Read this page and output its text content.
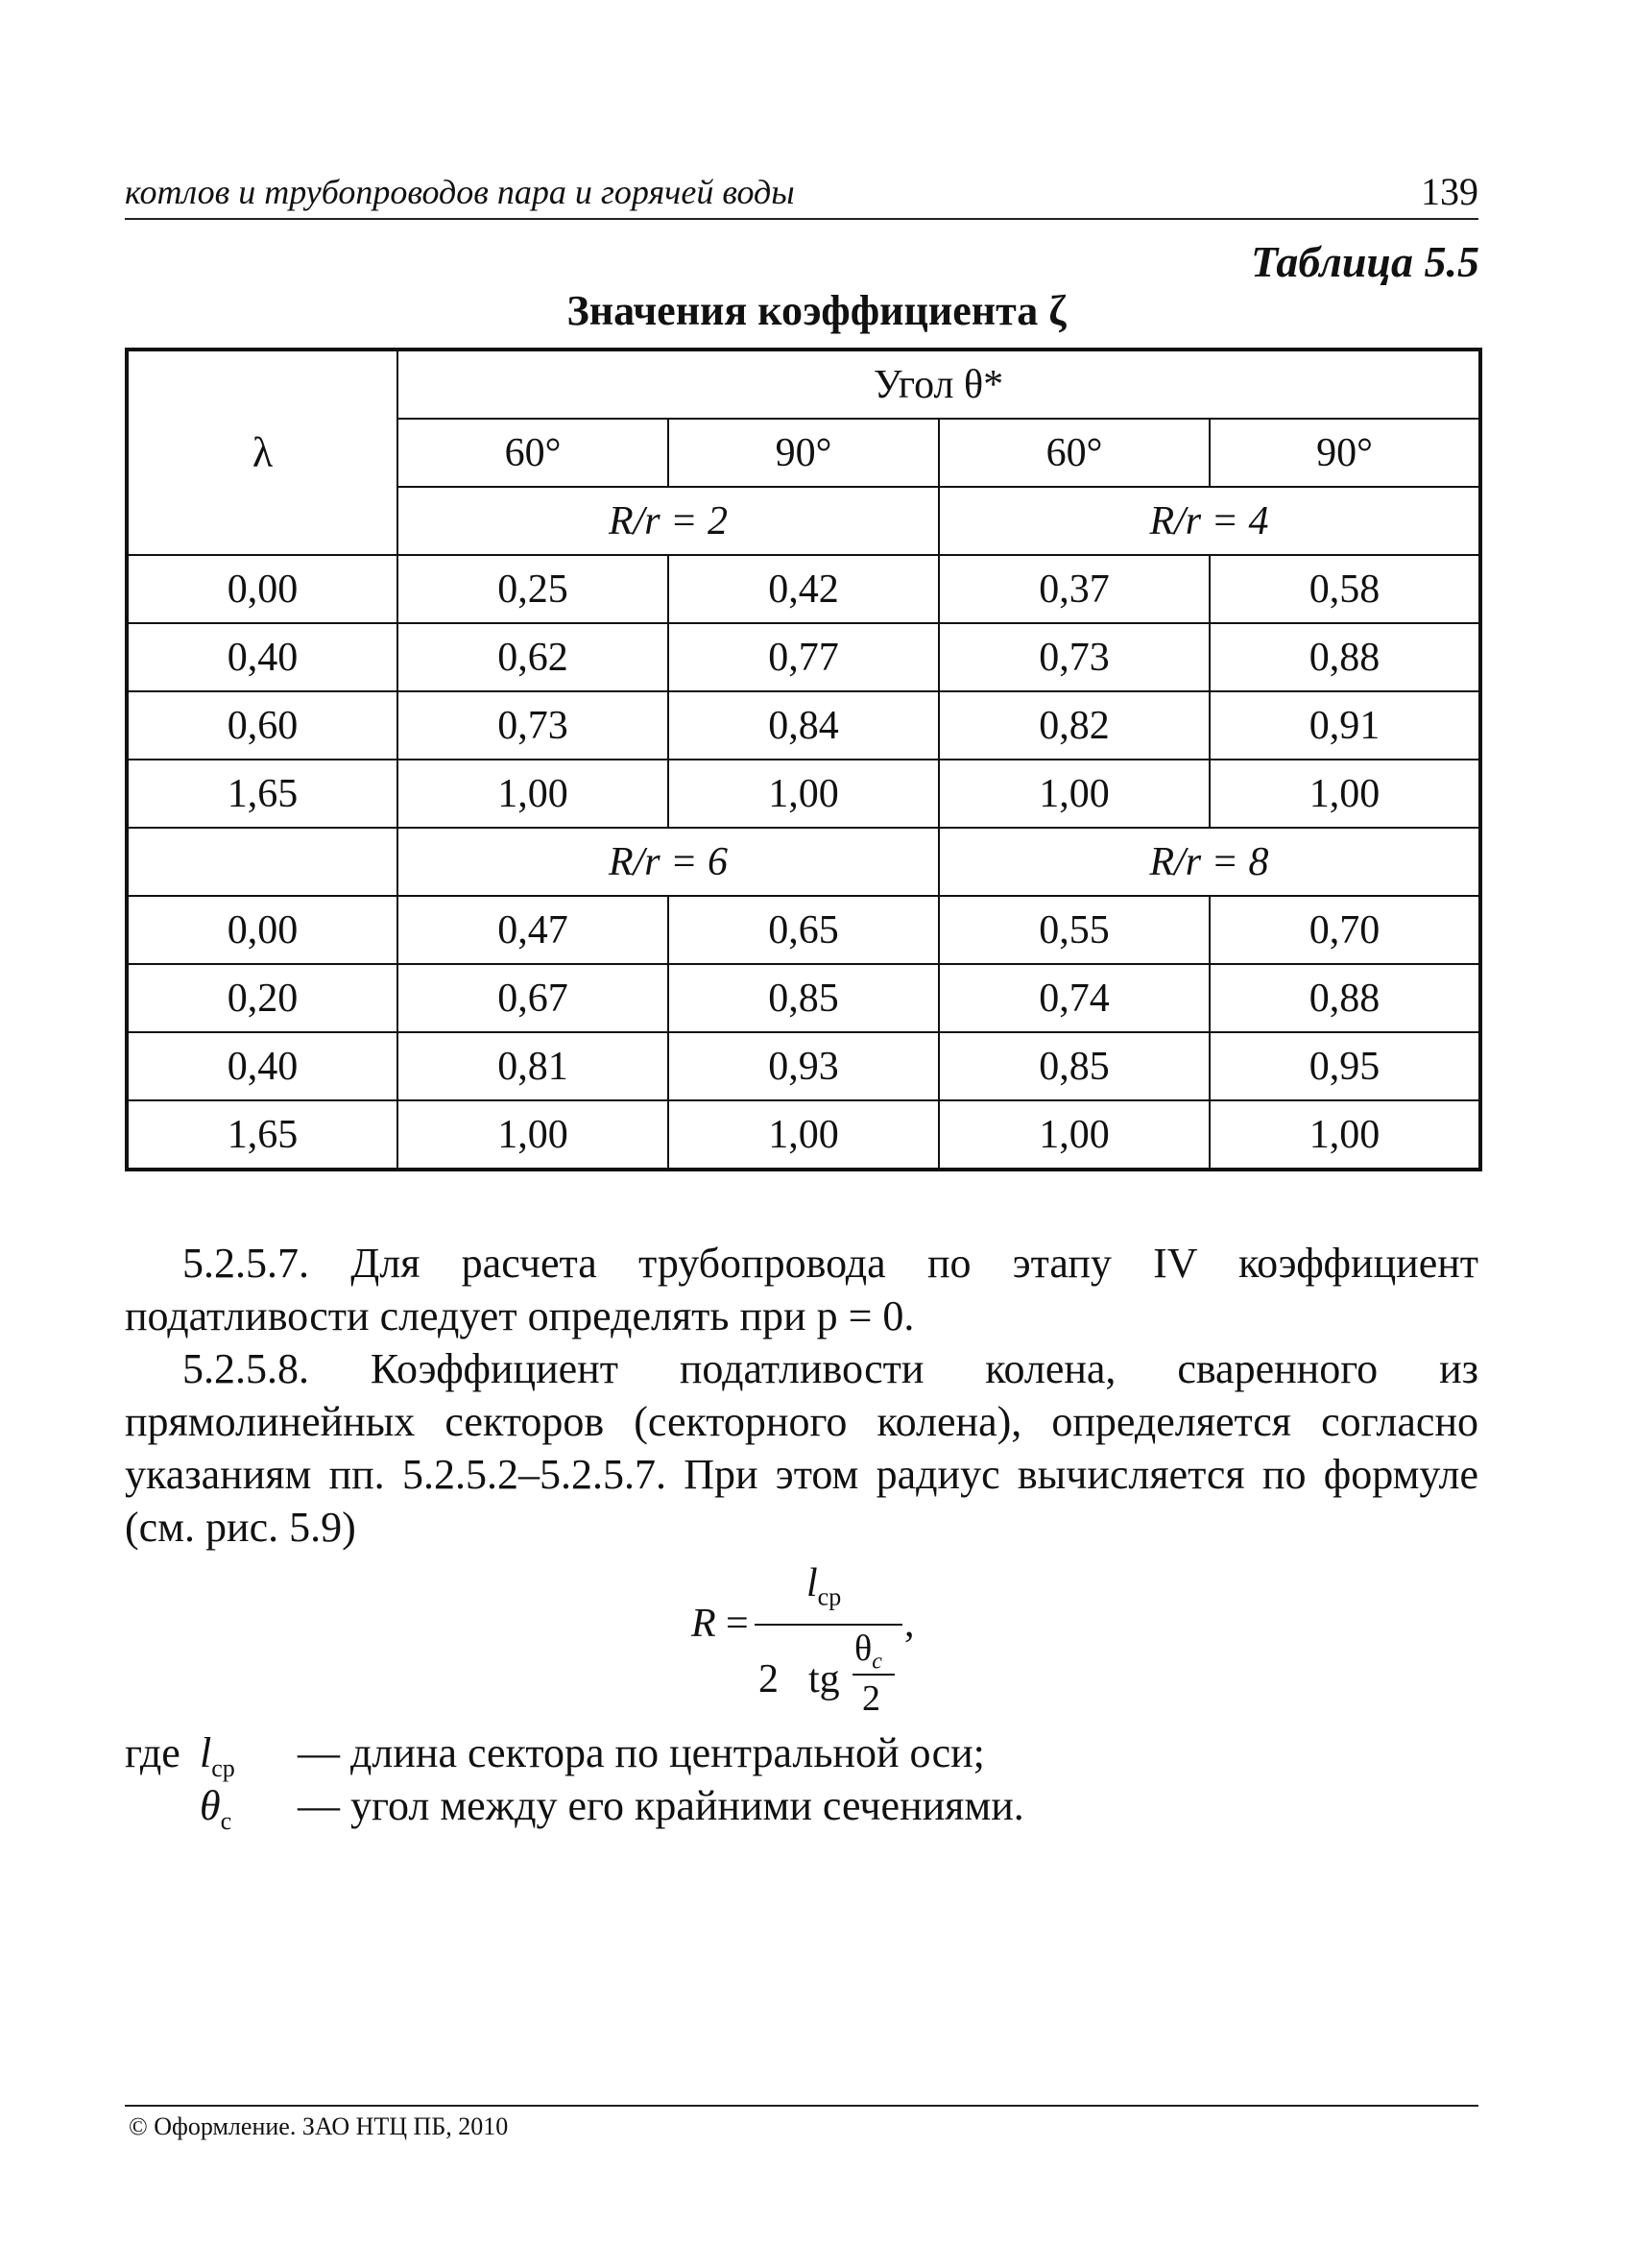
котлов и трубопроводов пара и горячей воды	139
Таблица 5.5
Значения коэффициента ζ
λ	Угол θ*			
	60°	90°	60°	90°
	R/r = 2		R/r = 4	
0,00	0,25	0,42	0,37	0,58
0,40	0,62	0,77	0,73	0,88
0,60	0,73	0,84	0,82	0,91
1,65	1,00	1,00	1,00	1,00
	R/r = 6		R/r = 8	
0,00	0,47	0,65	0,55	0,70
0,20	0,67	0,85	0,74	0,88
0,40	0,81	0,93	0,85	0,95
1,65	1,00	1,00	1,00	1,00
5.2.5.7. Для расчета трубопровода по этапу IV коэффициент податливости следует определять при p = 0.
5.2.5.8. Коэффициент податливости колена, сваренного из прямолинейных секторов (секторного колена), определяется согласно указаниям пп. 5.2.5.2–5.2.5.7. При этом радиус вычисляется по формуле (см. рис. 5.9)
R =
$l_{ср}$
,
2 tg
$\theta_c$
2
где $l_{ср}$ — длина сектора по центральной оси;
$\theta_c$ — угол между его крайними сечениями.
© Оформление. ЗАО НТЦ ПБ, 2010
